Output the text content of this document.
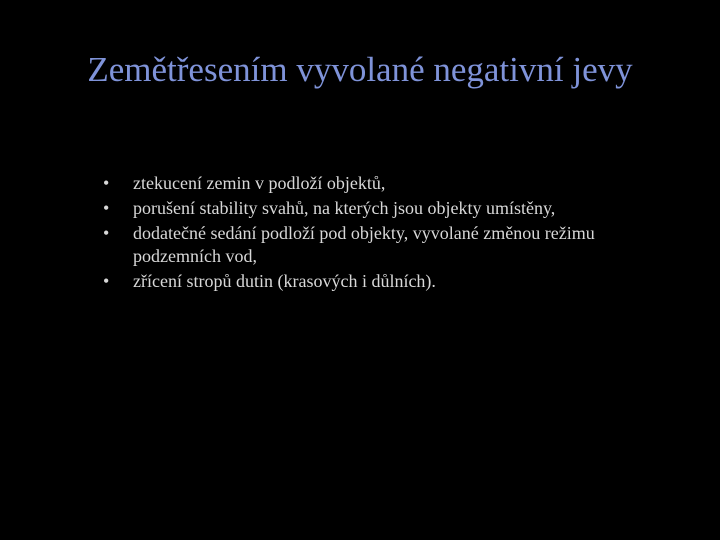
Zemětřesením vyvolané negativní jevy
•	ztekucení zemin v podloží objektů,
•	porušení stability svahů, na kterých jsou objekty umístěny,
•	dodatečné sedání podloží pod objekty, vyvolané změnou režimu podzemních vod,
•	zřícení stropů dutin (krasových i důlních).
